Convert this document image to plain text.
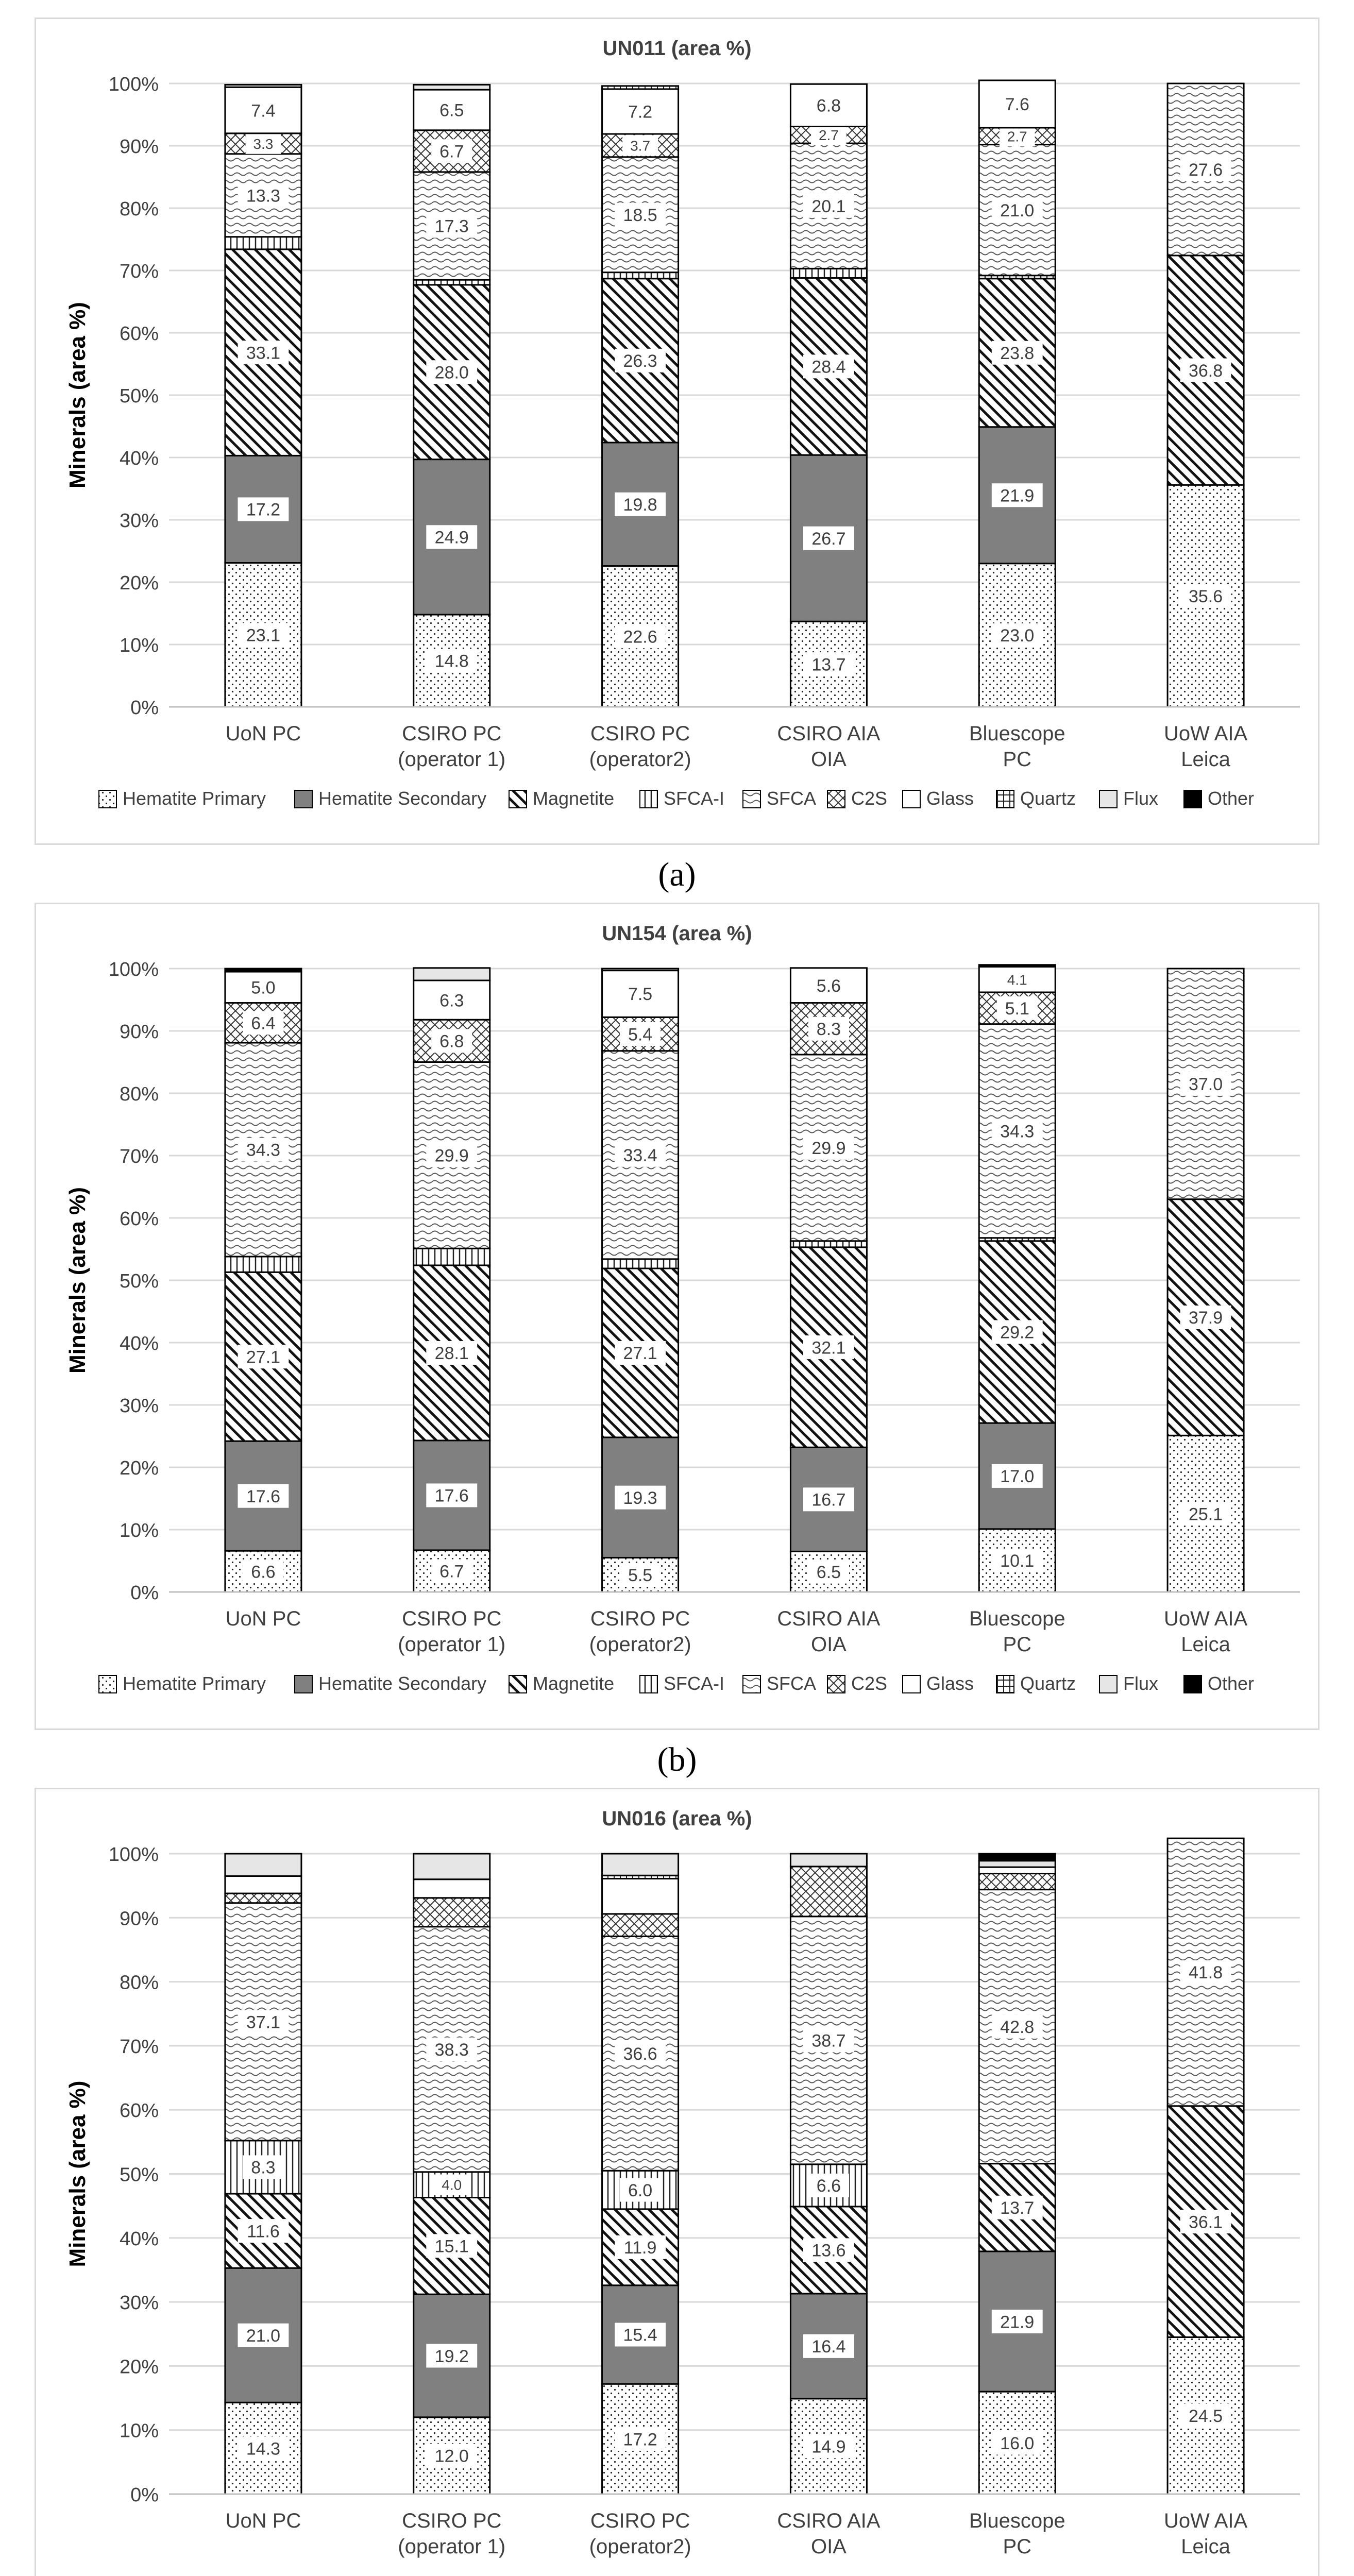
UN011 (area %)
Minerals (area %)
0%
10%
20%
30%
40%
50%
60%
70%
80%
90%
100%
23.1
17.2
33.1
13.3
3.3
7.4
UoN PC
14.8
24.9
28.0
17.3
6.7
6.5
CSIRO PC
(operator 1)
22.6
19.8
26.3
18.5
3.7
7.2
CSIRO PC
(operator2)
13.7
26.7
28.4
20.1
2.7
6.8
CSIRO AIA
OIA
23.0
21.9
23.8
21.0
2.7
7.6
Bluescope
PC
35.6
36.8
27.6
UoW AIA
Leica
Hematite Primary	Hematite Secondary Magnetite	SFCA-I SFCA C2S Glass Quartz	Flux	Other
(a)
UN154 (area %)
Minerals (area %)
0%
10%
20%
30%
40%
50%
60%
70%
80%
90%
100%
6.6
17.6
27.1
34.3
6.4
5.0
UoN PC
6.7
17.6
28.1
29.9
6.8
6.3
CSIRO PC
(operator 1)
5.5
19.3
27.1
33.4
5.4
7.5
CSIRO PC
(operator2)
6.5
16.7
32.1
29.9
8.3
5.6
CSIRO AIA
OIA
10.1
17.0
29.2
34.3
5.1
4.1
Bluescope
PC
25.1
37.9
37.0
UoW AIA
Leica
Hematite Primary	Hematite Secondary Magnetite	SFCA-I SFCA C2S Glass Quartz	Flux	Other
(b)
UN016 (area %)
Minerals (area %)
0%
10%
20%
30%
40%
50%
60%
70%
80%
90%
100%
14.3
21.0
11.6
8.3
37.1
UoN PC
12.0
19.2
15.1
4.0
38.3
CSIRO PC
(operator 1)
17.2
15.4
11.9
6.0
36.6
CSIRO PC
(operator2)
14.9
16.4
13.6
6.6
38.7
CSIRO AIA
OIA
16.0
21.9
13.7
42.8
Bluescope
PC
24.5
36.1
41.8
UoW AIA
Leica
